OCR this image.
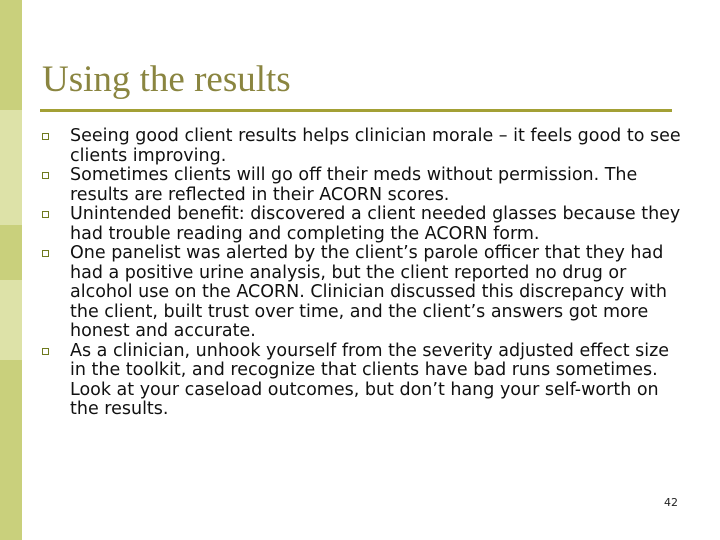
Using the results
Seeing good client results helps clinician morale – it feels good to see clients improving.
Sometimes clients will go off their meds without permission. The results are reflected in their ACORN scores.
Unintended benefit: discovered a client needed glasses because they had trouble reading and completing the ACORN form.
One panelist was alerted by the client’s parole officer that they had had a positive urine analysis, but the client reported no drug or alcohol use on the ACORN. Clinician discussed this discrepancy with the client, built trust over time, and the client’s answers got more honest and accurate.
As a clinician, unhook yourself from the severity adjusted effect size in the toolkit, and recognize that clients have bad runs sometimes. Look at your caseload outcomes, but don’t hang your self-worth on the results.
42
